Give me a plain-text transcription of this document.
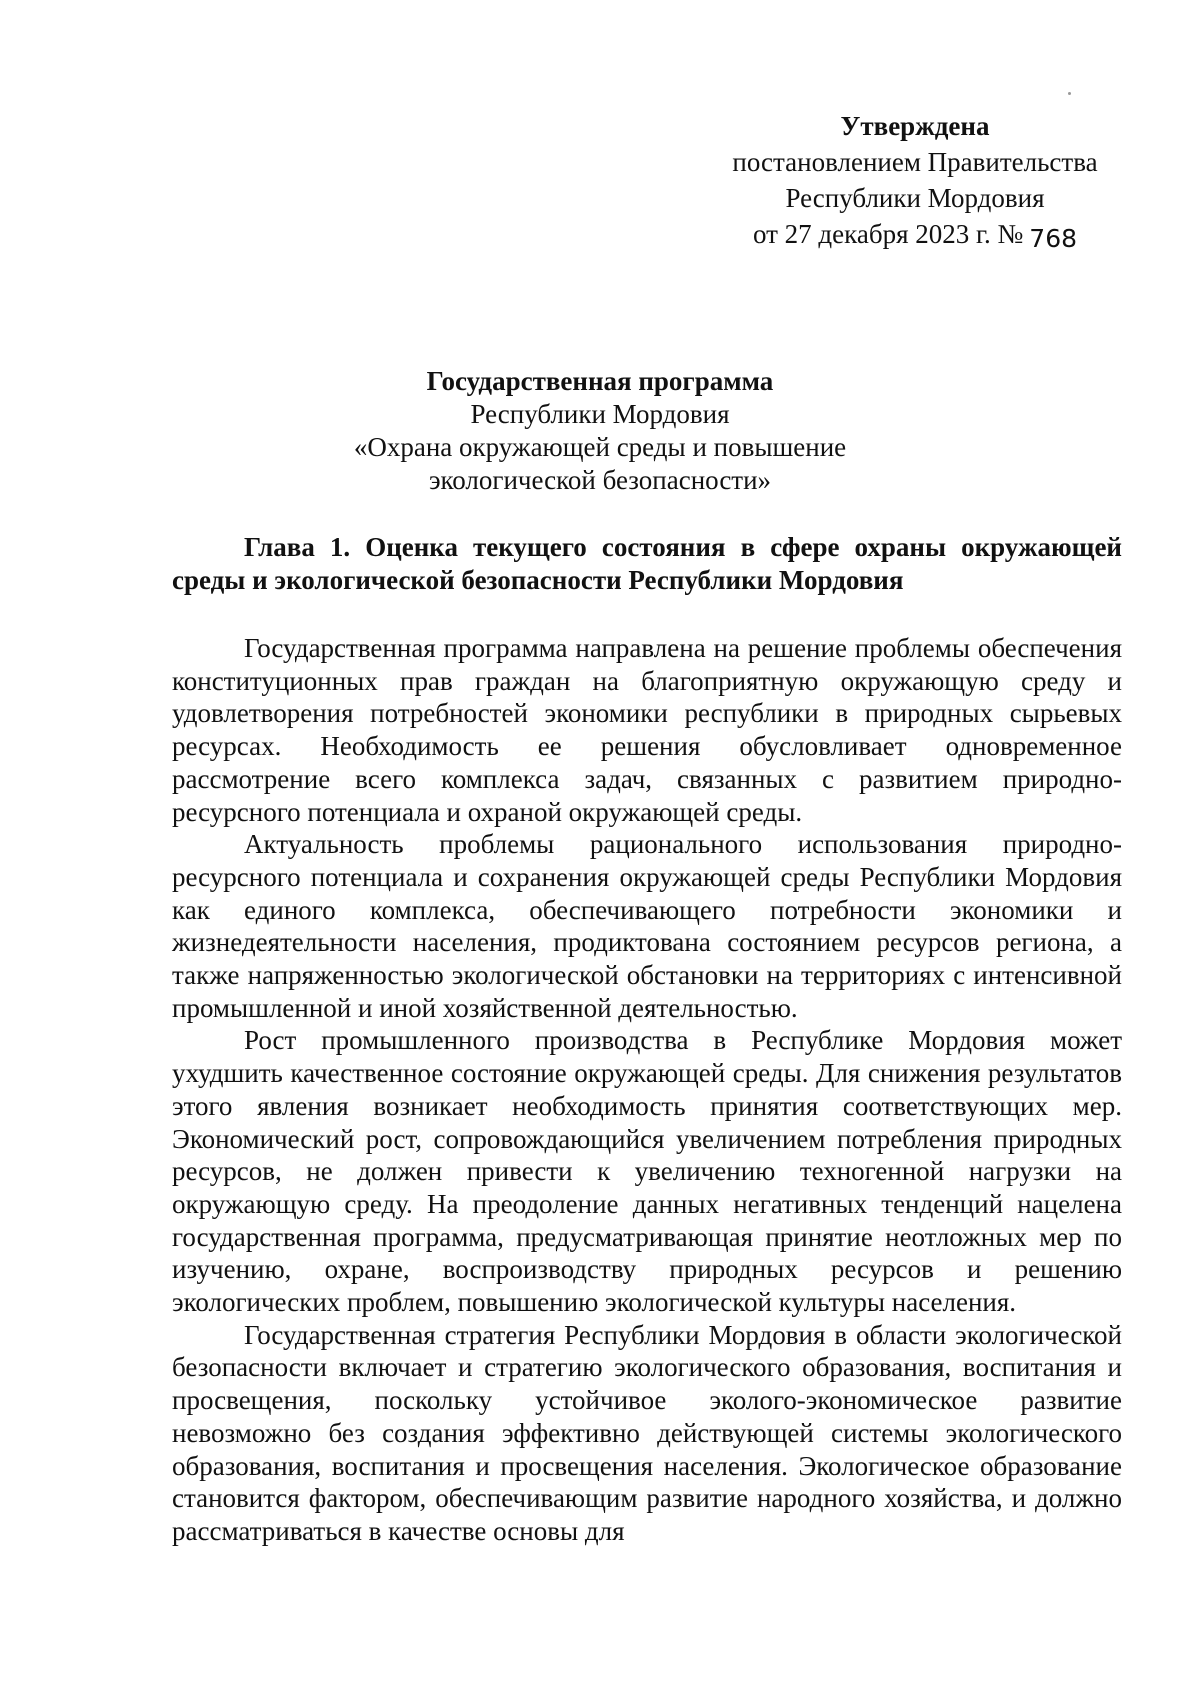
Утверждена
постановлением Правительства
Республики Мордовия
от 27 декабря 2023 г. № 768
Государственная программа
Республики Мордовия
«Охрана окружающей среды и повышение
экологической безопасности»
Глава 1. Оценка текущего состояния в сфере охраны окружающей среды и экологической безопасности Республики Мордовия

Государственная программа направлена на решение проблемы обеспечения конституционных прав граждан на благоприятную окружающую среду и удовлетворения потребностей экономики республики в природных сырьевых ресурсах. Необходимость ее решения обусловливает одновременное рассмотрение всего комплекса задач, связанных с развитием природно-ресурсного потенциала и охраной окружающей среды.

Актуальность проблемы рационального использования природно-ресурсного потенциала и сохранения окружающей среды Республики Мордовия как единого комплекса, обеспечивающего потребности экономики и жизнедеятельности населения, продиктована состоянием ресурсов региона, а также напряженностью экологической обстановки на территориях с интенсивной промышленной и иной хозяйственной деятельностью.

Рост промышленного производства в Республике Мордовия может ухудшить качественное состояние окружающей среды. Для снижения результатов этого явления возникает необходимость принятия соответствующих мер. Экономический рост, сопровождающийся увеличением потребления природных ресурсов, не должен привести к увеличению техногенной нагрузки на окружающую среду. На преодоление данных негативных тенденций нацелена государственная программа, предусматривающая принятие неотложных мер по изучению, охране, воспроизводству природных ресурсов и решению экологических проблем, повышению экологической культуры населения.

Государственная стратегия Республики Мордовия в области экологической безопасности включает и стратегию экологического образования, воспитания и просвещения, поскольку устойчивое эколого-экономическое развитие невозможно без создания эффективно действующей системы экологического образования, воспитания и просвещения населения. Экологическое образование становится фактором, обеспечивающим развитие народного хозяйства, и должно рассматриваться в качестве основы для
